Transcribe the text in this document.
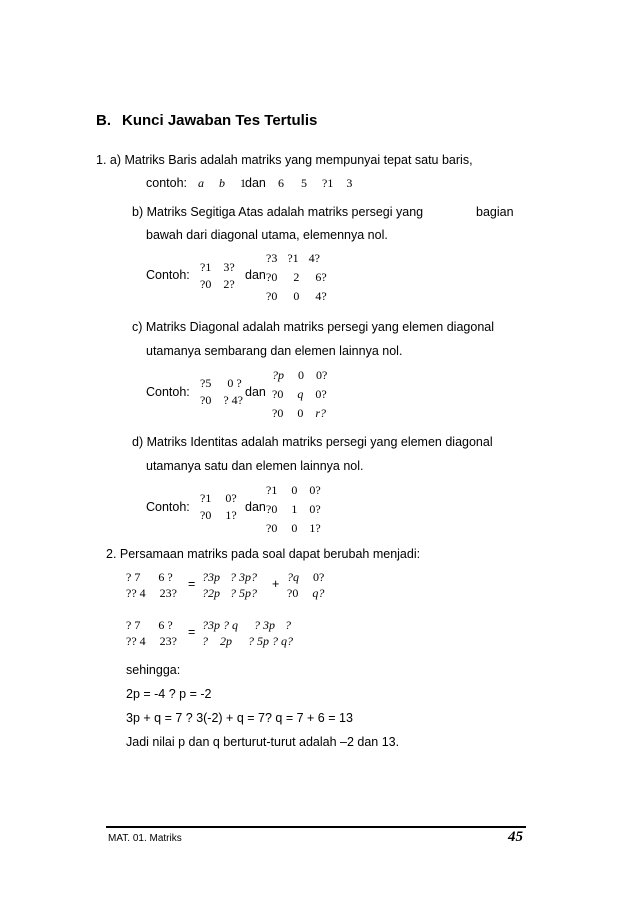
B. Kunci Jawaban Tes Tertulis
1. a) Matriks Baris adalah matriks yang mempunyai tepat satu baris,
contoh: a b 1 dan 6 5 ?1 3
b) Matriks Segitiga Atas adalah matriks persegi yang	bagian
bawah dari diagonal utama, elemennya nol.
Contoh:
?1 3?
?0 2?
dan
?3 ?1 4?
?0 2 6?
?0 0 4?
c) Matriks Diagonal adalah matriks persegi yang elemen diagonal
utamanya sembarang dan elemen lainnya nol.
Contoh:
?5 0 ?
?0 ? 4?
dan
?p 0 0?
?0 q 0?
?0 0 r?
d) Matriks Identitas adalah matriks persegi yang elemen diagonal
utamanya satu dan elemen lainnya nol.
Contoh:
?1 0?
?0 1?
dan
?1 0 0?
?0 1 0?
?0 0 1?
2. Persamaan matriks pada soal dapat berubah menjadi:
? 7 6 ?
?? 4 23?
= ?3p ? 3p?
?2p ? 5p?
+ ?q 0?
?0 q?
? 7 6 ?
?? 4 23?
= ?3p ? q ? 3p ?
? 2p ? 5p ? q?
sehingga:
2p = -4 ? p = -2
3p + q = 7 ? 3(-2) + q = 7? q = 7 + 6 = 13
Jadi nilai p dan q berturut-turut adalah –2 dan 13.
MAT. 01. Matriks	45
